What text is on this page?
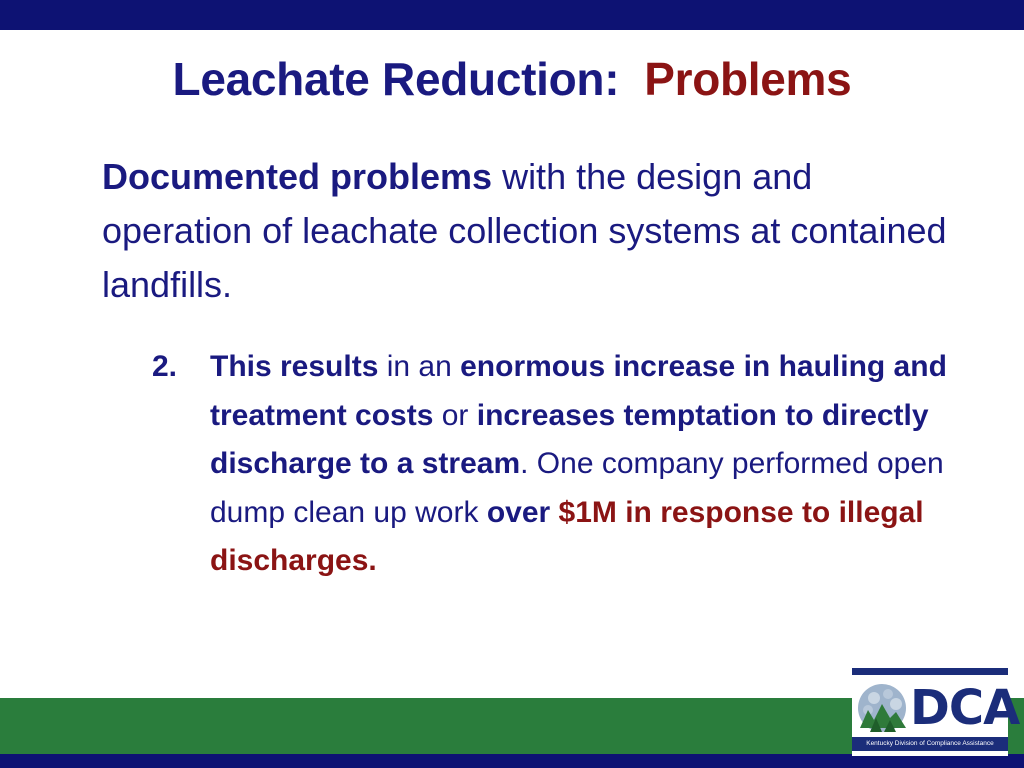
Leachate Reduction: Problems
Documented problems with the design and operation of leachate collection systems at contained landfills.
2. This results in an enormous increase in hauling and treatment costs or increases temptation to directly discharge to a stream. One company performed open dump clean up work over $1M in response to illegal discharges.
DCA
Kentucky Division of Compliance Assistance
